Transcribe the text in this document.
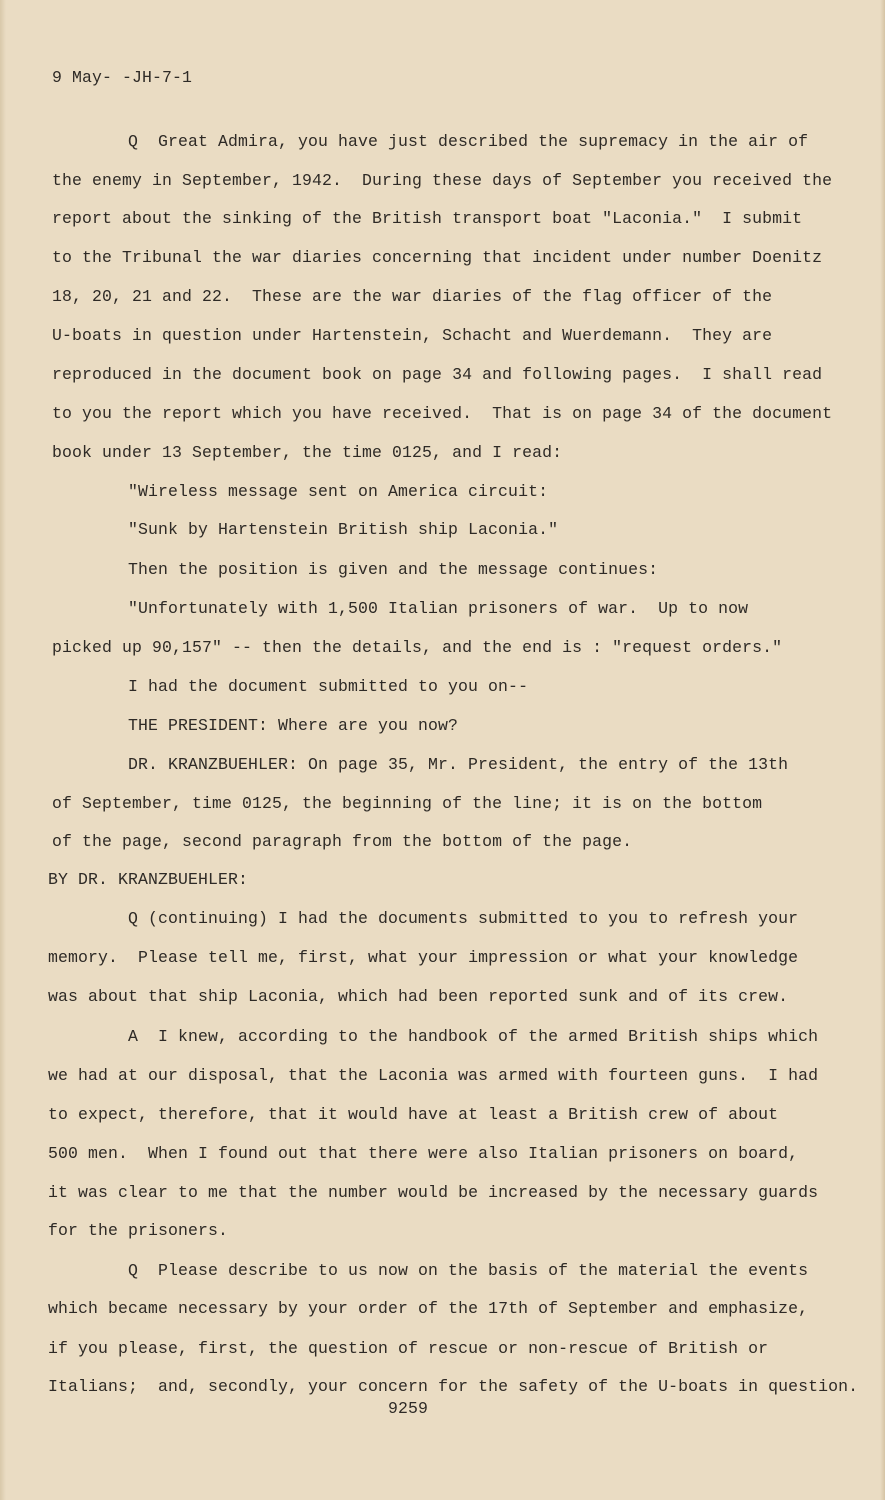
9 May- -JH-7-1
Q  Great Admira, you have just described the supremacy in the air of
the enemy in September, 1942.  During these days of September you received the
report about the sinking of the British transport boat "Laconia."  I submit
to the Tribunal the war diaries concerning that incident under number Doenitz
18, 20, 21 and 22.  These are the war diaries of the flag officer of the
U-boats in question under Hartenstein, Schacht and Wuerdemann.  They are
reproduced in the document book on page 34 and following pages.  I shall read
to you the report which you have received.  That is on page 34 of the document
book under 13 September, the time 0125, and I read:
"Wireless message sent on America circuit:
"Sunk by Hartenstein British ship Laconia."
Then the position is given and the message continues:
"Unfortunately with 1,500 Italian prisoners of war.  Up to now
picked up 90,157" -- then the details, and the end is : "request orders."
I had the document submitted to you on--
THE PRESIDENT: Where are you now?
DR. KRANZBUEHLER: On page 35, Mr. President, the entry of the 13th
of September, time 0125, the beginning of the line; it is on the bottom
of the page, second paragraph from the bottom of the page.
BY DR. KRANZBUEHLER:
Q (continuing) I had the documents submitted to you to refresh your
memory.  Please tell me, first, what your impression or what your knowledge
was about that ship Laconia, which had been reported sunk and of its crew.
A  I knew, according to the handbook of the armed British ships which
we had at our disposal, that the Laconia was armed with fourteen guns.  I had
to expect, therefore, that it would have at least a British crew of about
500 men.  When I found out that there were also Italian prisoners on board,
it was clear to me that the number would be increased by the necessary guards
for the prisoners.
Q  Please describe to us now on the basis of the material the events
which became necessary by your order of the 17th of September and emphasize,
if you please, first, the question of rescue or non-rescue of British or
Italians;  and, secondly, your concern for the safety of the U-boats in question.
9259
